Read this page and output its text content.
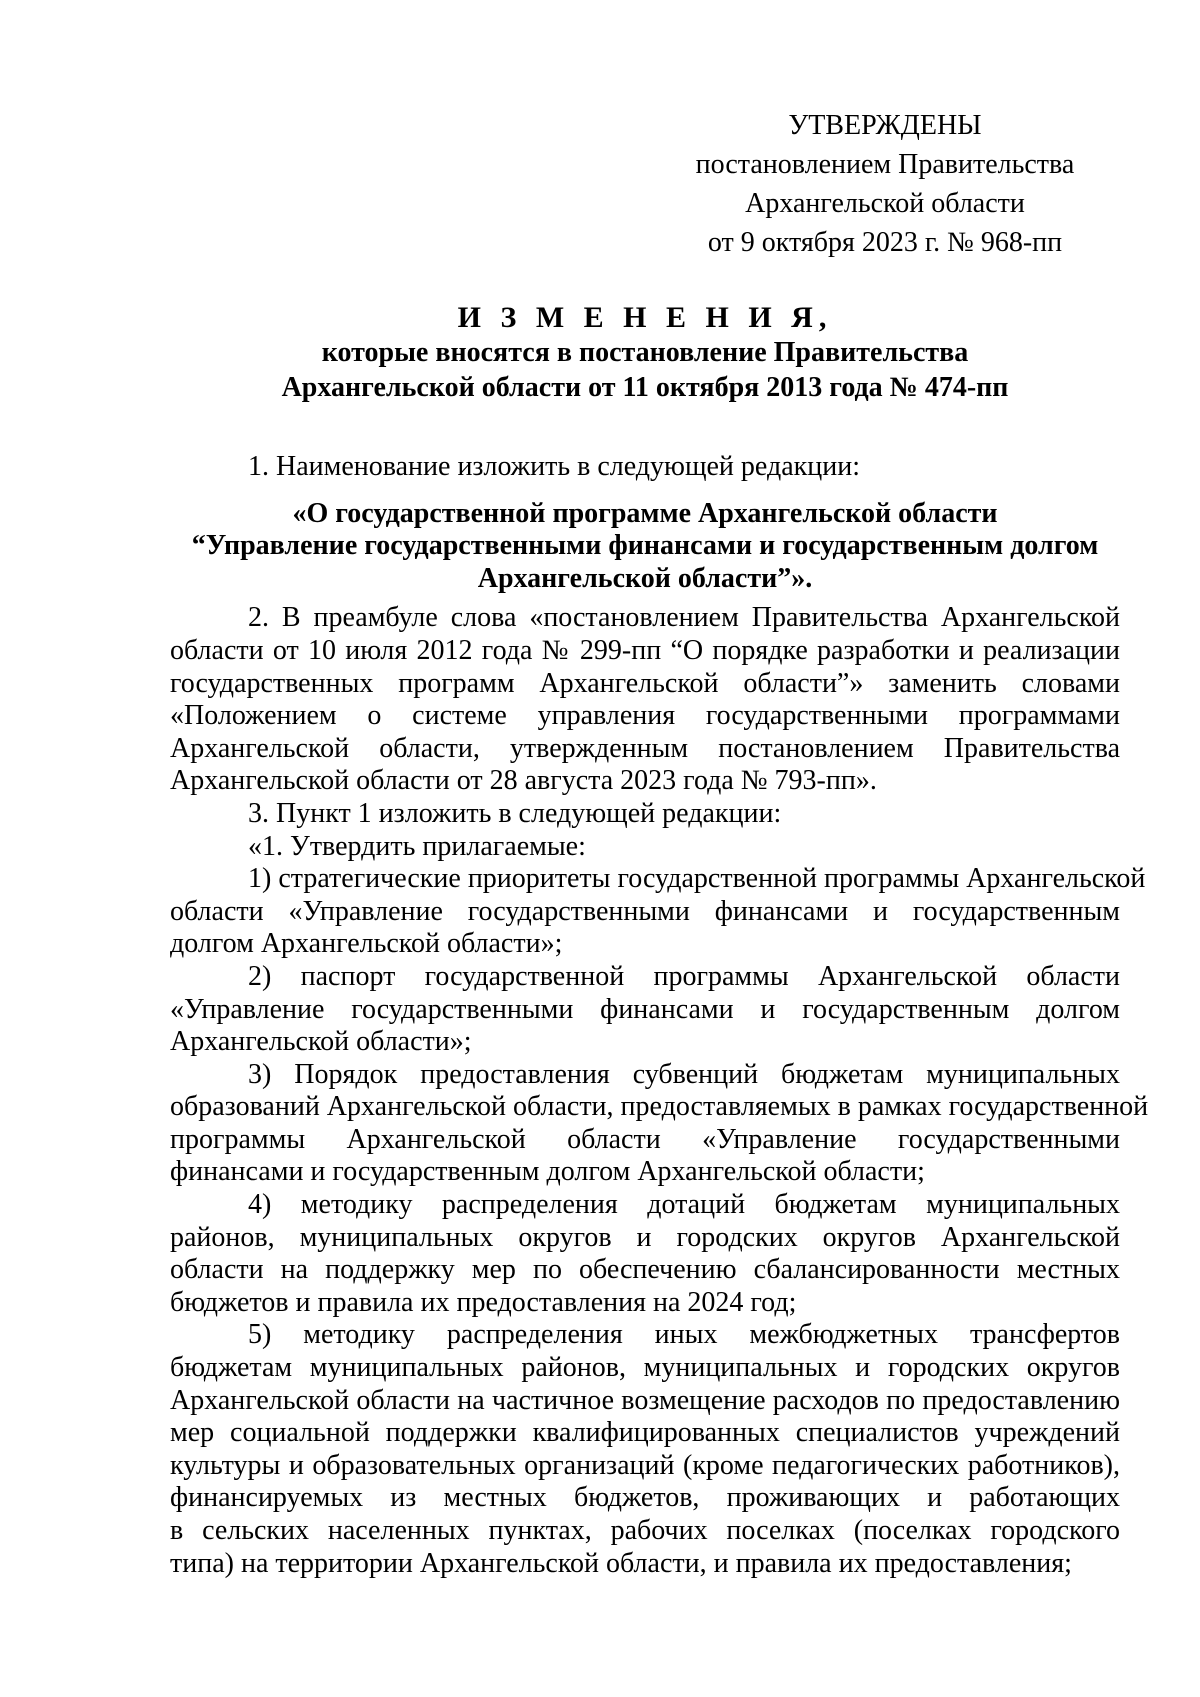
УТВЕРЖДЕНЫ
постановлением Правительства
Архангельской области
от 9 октября 2023 г. № 968-пп
И З М Е Н Е Н И Я,
которые вносятся в постановление Правительства
Архангельской области от 11 октября 2013 года № 474-пп
1. Наименование изложить в следующей редакции:
«О государственной программе Архангельской области
“Управление государственными финансами и государственным долгом
Архангельской области”».
2. В преамбуле слова «постановлением Правительства Архангельской
области от 10 июля 2012 года № 299-пп “О порядке разработки и реализации
государственных программ Архангельской области”» заменить словами
«Положением о системе управления государственными программами
Архангельской области, утвержденным постановлением Правительства
Архангельской области от 28 августа 2023 года № 793-пп».
3. Пункт 1 изложить в следующей редакции:
«1. Утвердить прилагаемые:
1) стратегические приоритеты государственной программы Архангельской
области «Управление государственными финансами и государственным
долгом Архангельской области»;
2) паспорт государственной программы Архангельской области
«Управление государственными финансами и государственным долгом
Архангельской области»;
3) Порядок предоставления субвенций бюджетам муниципальных
образований Архангельской области, предоставляемых в рамках государственной
программы Архангельской области «Управление государственными
финансами и государственным долгом Архангельской области;
4) методику распределения дотаций бюджетам муниципальных
районов, муниципальных округов и городских округов Архангельской
области на поддержку мер по обеспечению сбалансированности местных
бюджетов и правила их предоставления на 2024 год;
5) методику распределения иных межбюджетных трансфертов
бюджетам муниципальных районов, муниципальных и городских округов
Архангельской области на частичное возмещение расходов по предоставлению
мер социальной поддержки квалифицированных специалистов учреждений
культуры и образовательных организаций (кроме педагогических работников),
финансируемых из местных бюджетов, проживающих и работающих
в сельских населенных пунктах, рабочих поселках (поселках городского
типа) на территории Архангельской области, и правила их предоставления;
